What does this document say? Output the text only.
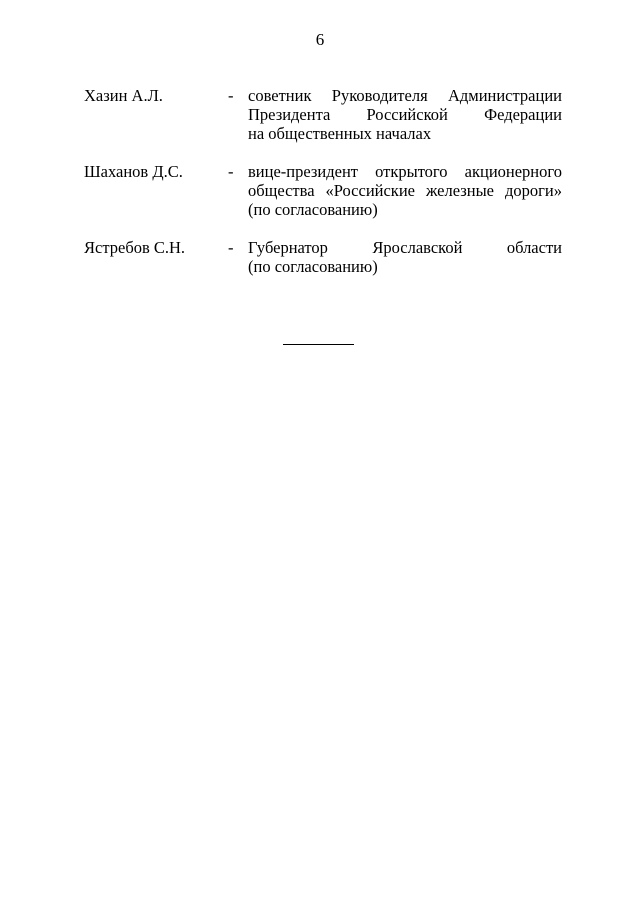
6
Хазин А.Л.	- советник Руководителя Администрации
Президента Российской Федерации
на общественных началах
Шаханов Д.С.	- вице-президент открытого акционерного
общества «Российские железные дороги»
(по согласованию)
Ястребов С.Н.	- Губернатор	Ярославской	области
(по согласованию)
